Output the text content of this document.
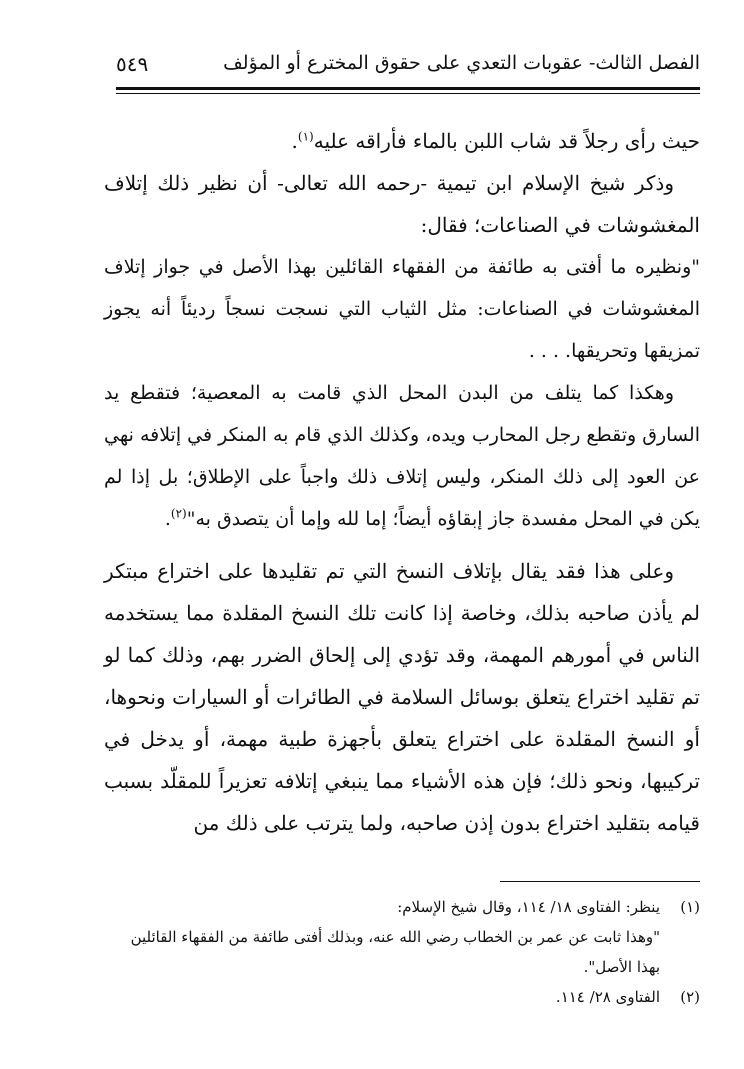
الفصل الثالث- عقوبات التعدي على حقوق المخترع أو المؤلف
٥٤٩

حيث رأى رجلاً قد شاب اللبن بالماء فأراقه عليه$^{(١)}$.

وذكر شيخ الإسلام ابن تيمية -رحمه الله تعالى- أن نظير ذلك إتلاف المغشوشات في الصناعات؛ فقال:

"ونظيره ما أفتى به طائفة من الفقهاء القائلين بهذا الأصل في جواز إتلاف المغشوشات في الصناعات: مثل الثياب التي نسجت نسجاً رديئاً أنه يجوز تمزيقها وتحريقها. . . .

وهكذا كما يتلف من البدن المحل الذي قامت به المعصية؛ فتقطع يد السارق وتقطع رجل المحارب ويده، وكذلك الذي قام به المنكر في إتلافه نهي عن العود إلى ذلك المنكر، وليس إتلاف ذلك واجباً على الإطلاق؛ بل إذا لم يكن في المحل مفسدة جاز إبقاؤه أيضاً؛ إما لله وإما أن يتصدق به"$^{(٢)}$.

وعلى هذا فقد يقال بإتلاف النسخ التي تم تقليدها على اختراع مبتكر لم يأذن صاحبه بذلك، وخاصة إذا كانت تلك النسخ المقلدة مما يستخدمه الناس في أمورهم المهمة، وقد تؤدي إلى إلحاق الضرر بهم، وذلك كما لو تم تقليد اختراع يتعلق بوسائل السلامة في الطائرات أو السيارات ونحوها، أو النسخ المقلدة على اختراع يتعلق بأجهزة طبية مهمة، أو يدخل في تركيبها، ونحو ذلك؛ فإن هذه الأشياء مما ينبغي إتلافه تعزيراً للمقلّد بسبب قيامه بتقليد اختراع بدون إذن صاحبه، ولما يترتب على ذلك من

(١)
ينظر: الفتاوى ١٨/ ١١٤، وقال شيخ الإسلام:
"وهذا ثابت عن عمر بن الخطاب رضي الله عنه، وبذلك أفتى طائفة من الفقهاء القائلين بهذا الأصل".

(٢)
الفتاوى ٢٨/ ١١٤.
